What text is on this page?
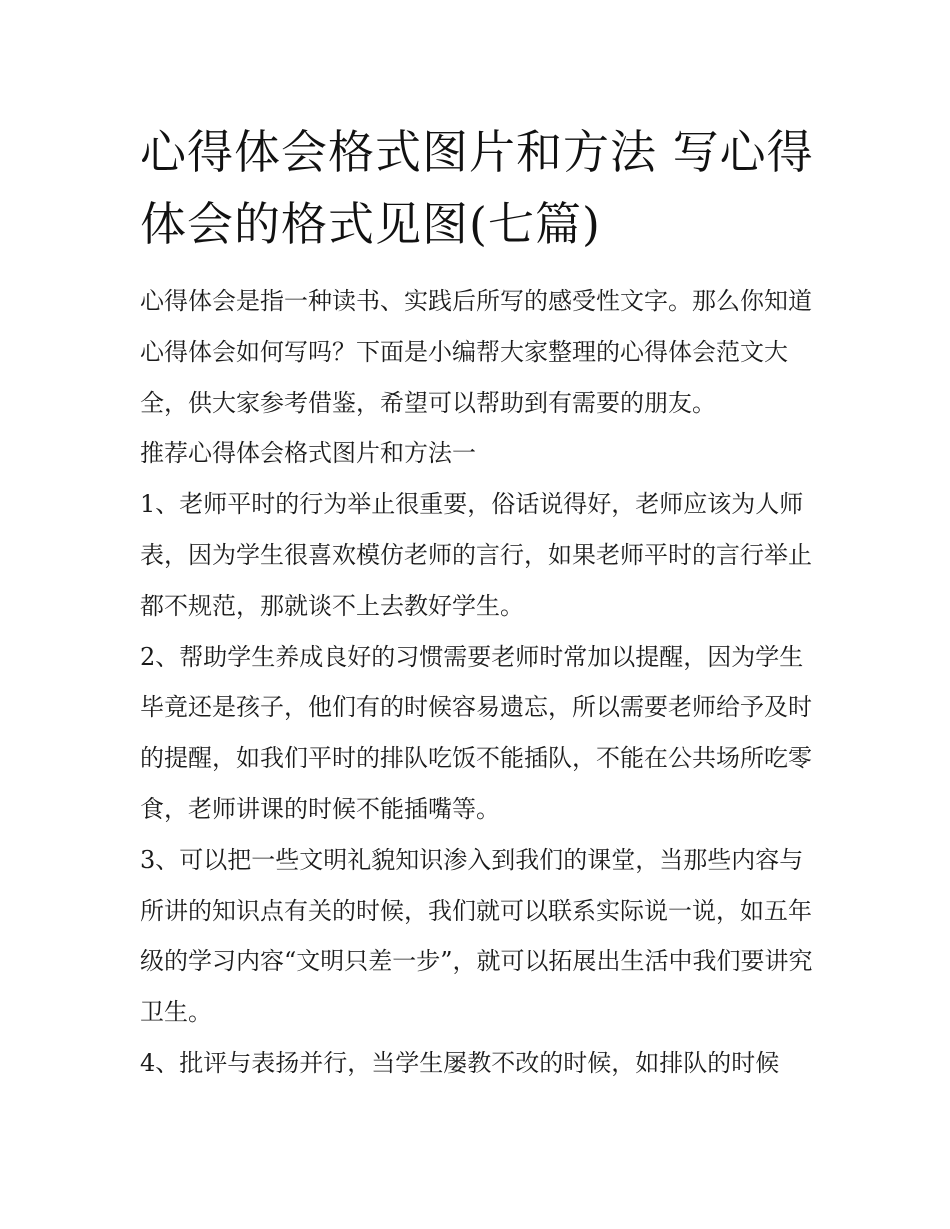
心得体会格式图片和方法 写心得体会的格式见图(七篇)

心得体会是指一种读书、实践后所写的感受性文字。那么你知道心得体会如何写吗？下面是小编帮大家整理的心得体会范文大全，供大家参考借鉴，希望可以帮助到有需要的朋友。

推荐心得体会格式图片和方法一

1、老师平时的行为举止很重要，俗话说得好，老师应该为人师表，因为学生很喜欢模仿老师的言行，如果老师平时的言行举止都不规范，那就谈不上去教好学生。

2、帮助学生养成良好的习惯需要老师时常加以提醒，因为学生毕竟还是孩子，他们有的时候容易遗忘，所以需要老师给予及时的提醒，如我们平时的排队吃饭不能插队，不能在公共场所吃零食，老师讲课的时候不能插嘴等。

3、可以把一些文明礼貌知识渗入到我们的课堂，当那些内容与所讲的知识点有关的时候，我们就可以联系实际说一说，如五年级的学习内容“文明只差一步”，就可以拓展出生活中我们要讲究卫生。

4、批评与表扬并行，当学生屡教不改的时候，如排队的时候
